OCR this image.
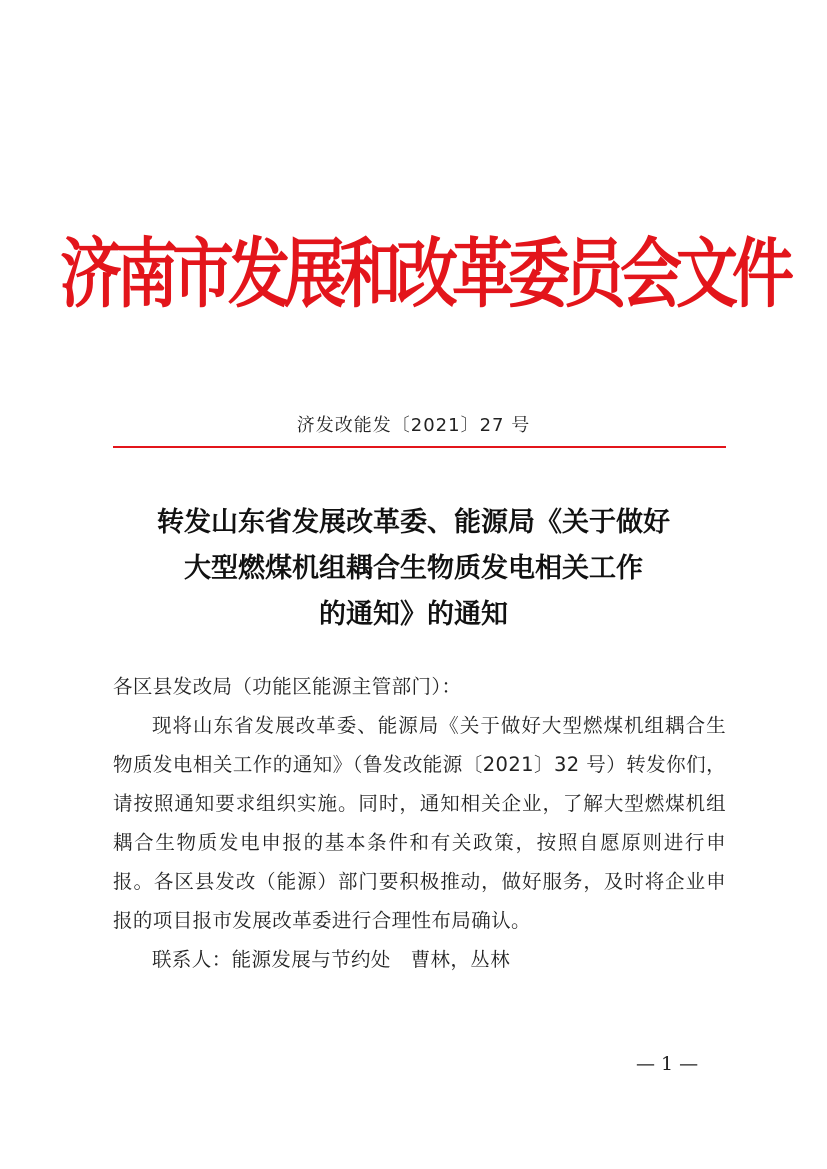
济南市发展和改革委员会文件
济发改能发〔2021〕27 号
转发山东省发展改革委、能源局《关于做好
大型燃煤机组耦合生物质发电相关工作
的通知》的通知
各区县发改局（功能区能源主管部门）：

现将山东省发展改革委、能源局《关于做好大型燃煤机组耦合生物质发电相关工作的通知》（鲁发改能源〔2021〕32 号）转发你们，请按照通知要求组织实施。同时，通知相关企业，了解大型燃煤机组耦合生物质发电申报的基本条件和有关政策，按照自愿原则进行申报。各区县发改（能源）部门要积极推动，做好服务，及时将企业申报的项目报市发展改革委进行合理性布局确认。

联系人：能源发展与节约处   曹林，丛林

— 1 —
